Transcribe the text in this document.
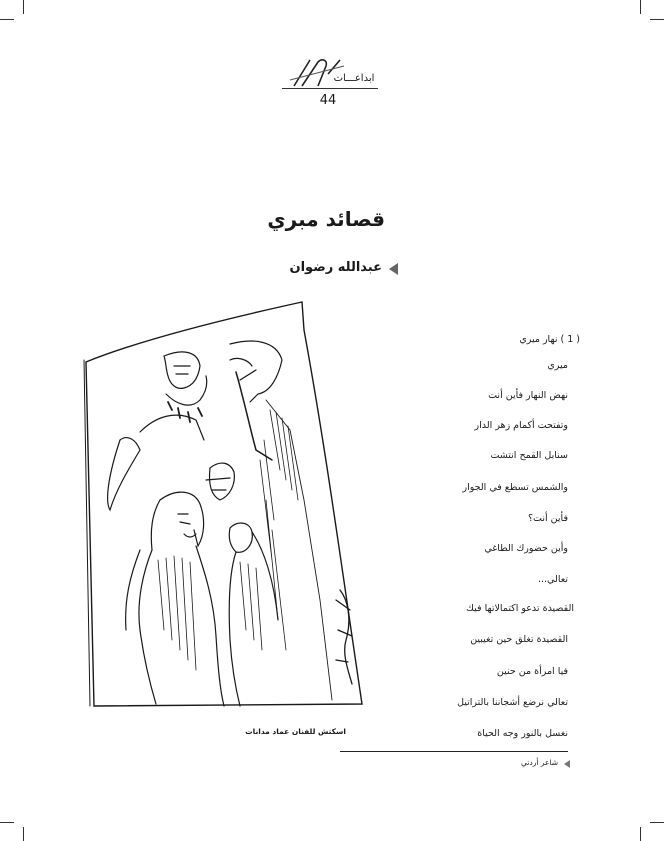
ابداعـــات
44
قصائد مبري
عبدالله رضوان
( 1 ) نهار ميري
ميري
نهض النهار فأين أنت
وتفتحت أكمام زهر الدار
سنابل القمح انتشت
والشمس تسطع في الجوار
فأين أنت؟
وأين حضورك الطاغي
تعالي...
القصيدة تدعو اكتمالاتها فيك
القصيدة تغلق حين تغيبين
فيا امرأة من حنين
تعالي نرضع أشجاننا بالتراتيل
نغسل بالنور وجه الحياة
اسكتش للفنان عماد مدانات
شاعر أردني
